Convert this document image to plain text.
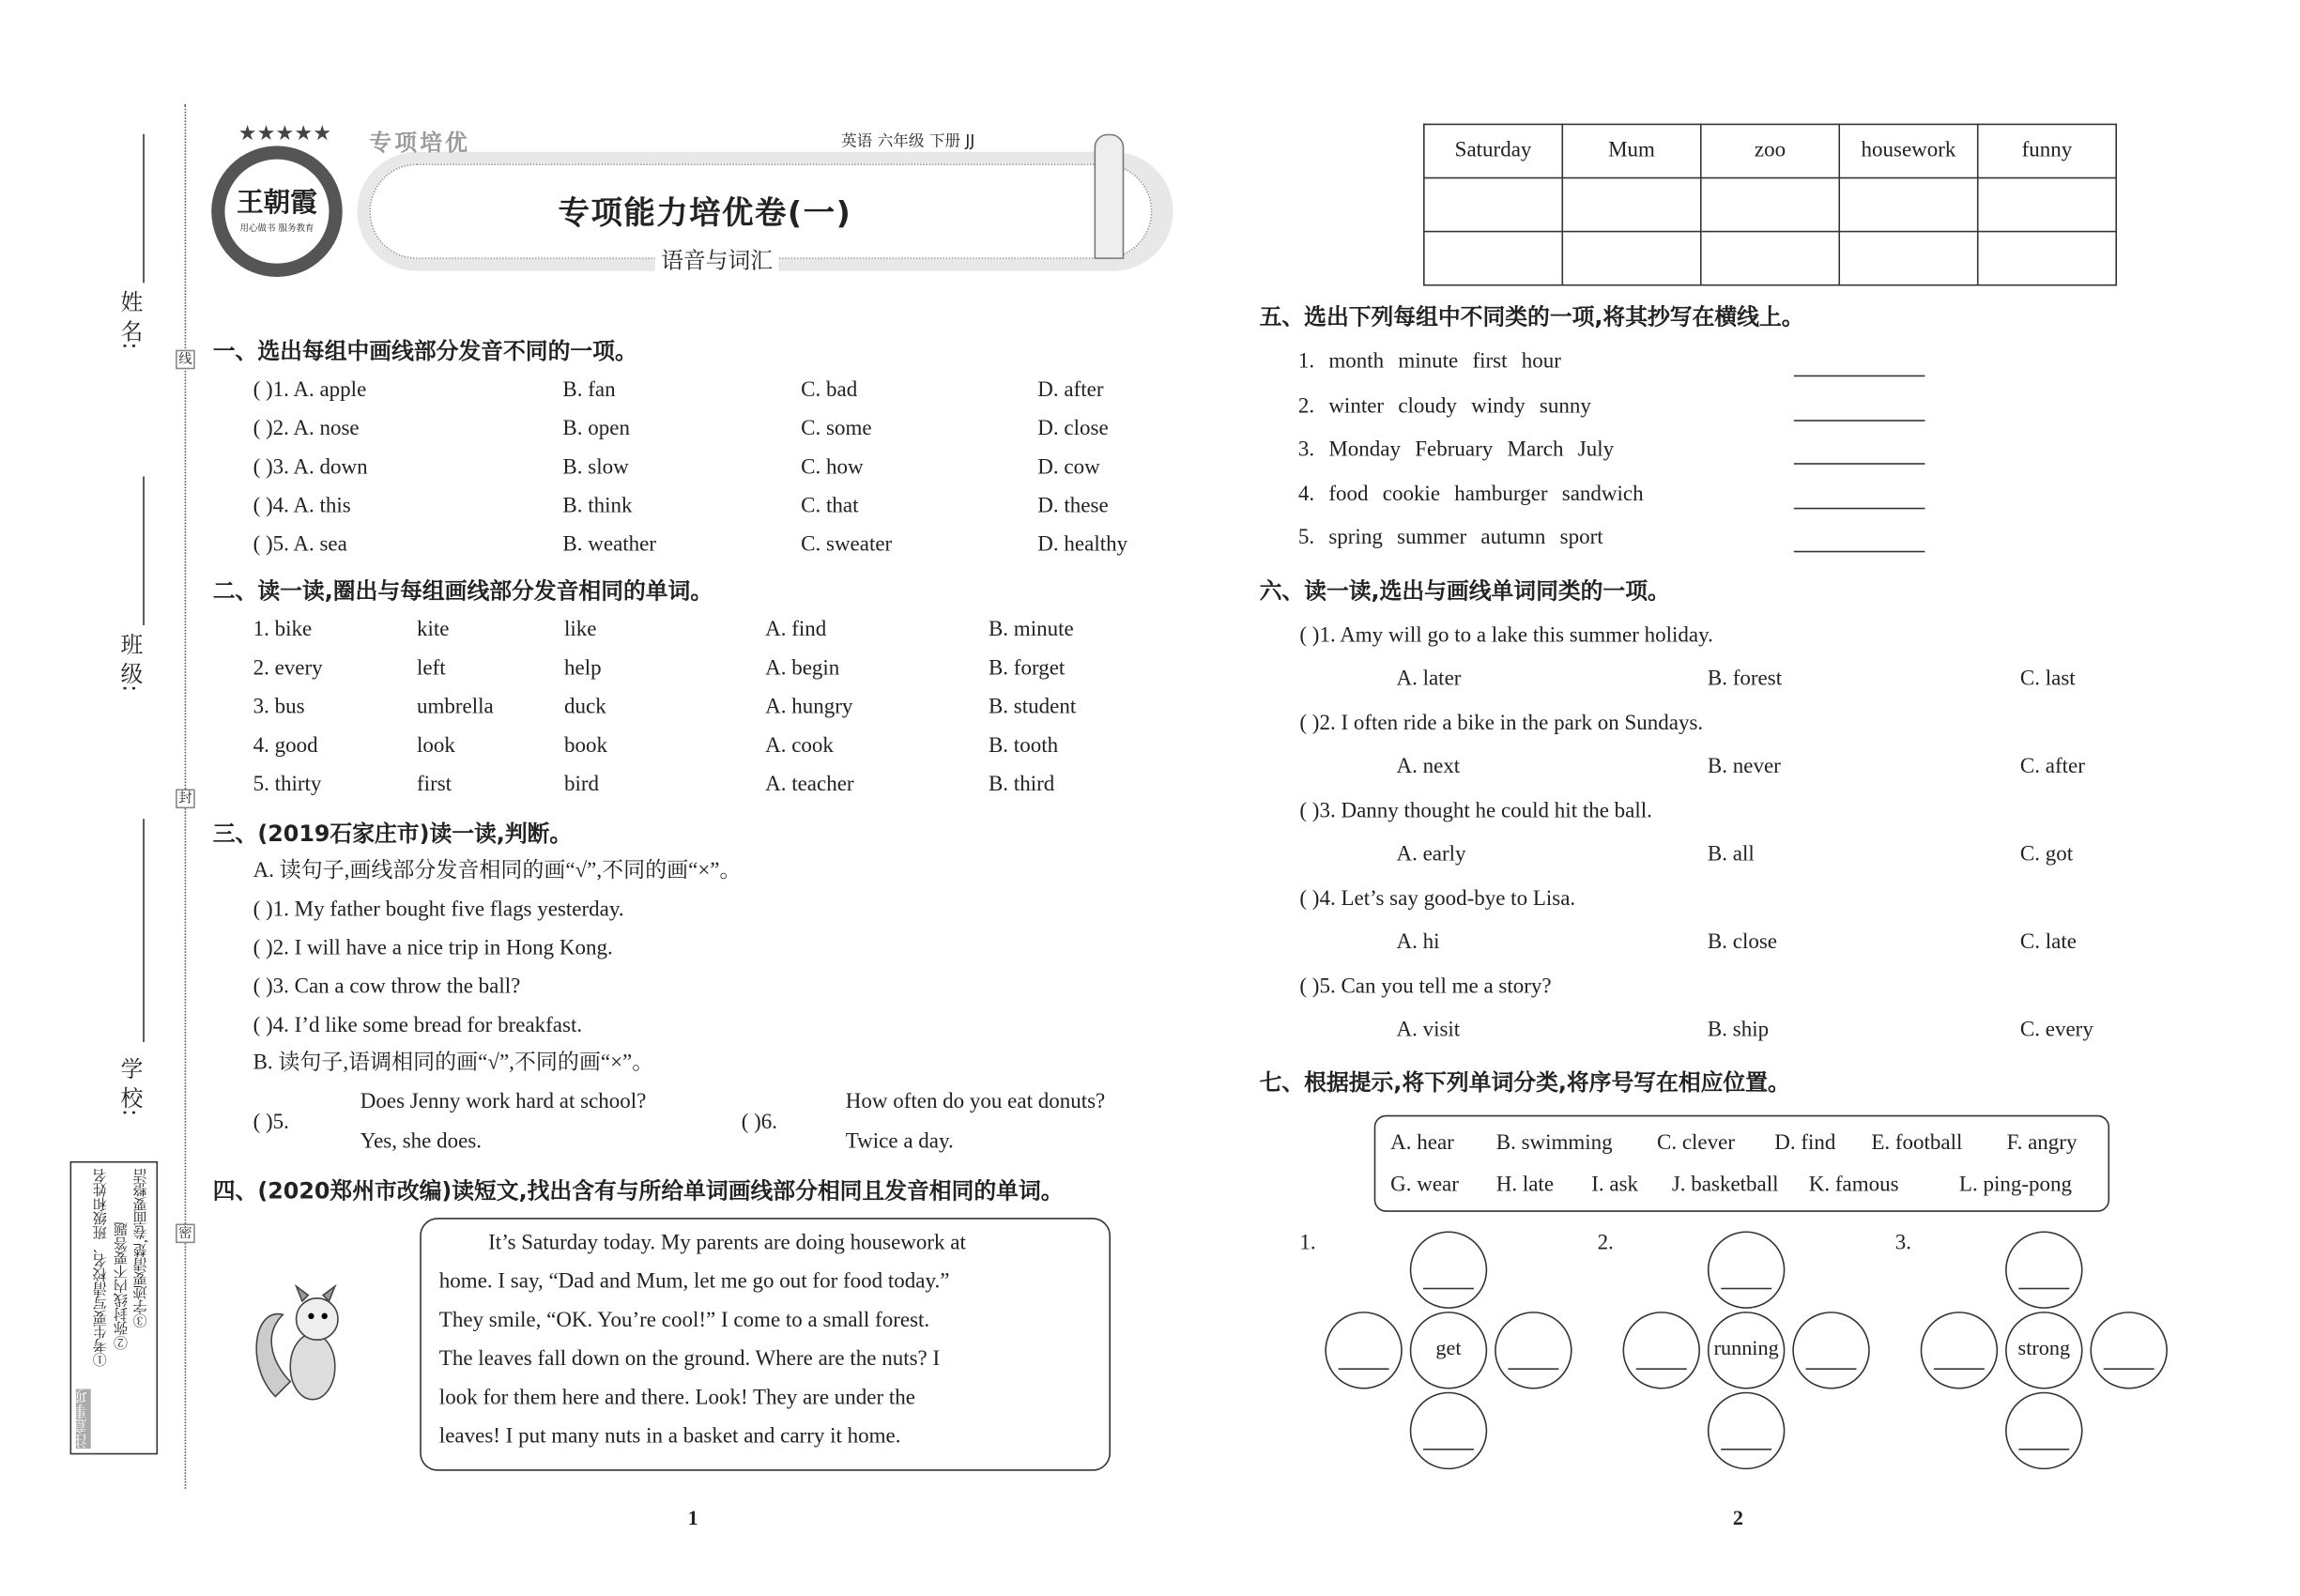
姓 名:
班 级:
学 校:
线
封
密
注意事项
①考生要写清校名、班级和姓名 ②弥封线内不要答题 ③字迹要清楚,卷面要整洁
王朝霞
用心做书 服务教育
★★★★★	专项培优	英语 六年级 下册 JJ
专项能力培优卷(一)
语音与词汇
一、选出每组中画线部分发音不同的一项。
( )1. A. apple	B. fan	C. bad	D. after
( )2. A. nose	B. open	C. some	D. close
( )3. A. down	B. slow	C. how	D. cow
( )4. A. this	B. think	C. that	D. these
( )5. A. sea	B. weather	C. sweater	D. healthy
二、读一读,圈出与每组画线部分发音相同的单词。
1. bike	kite	like	A. find	B. minute
2. every	left	help	A. begin	B. forget
3. bus	umbrella	duck	A. hungry	B. student
4. good	look	book	A. cook	B. tooth
5. thirty	first	bird	A. teacher	B. third
三、(2019石家庄市)读一读,判断。
A. 读句子,画线部分发音相同的画“√”,不同的画“×”。
( )1. My father bought five flags yesterday.
( )2. I will have a nice trip in Hong Kong.
( )3. Can a cow throw the ball?
( )4. I’d like some bread for breakfast.
B. 读句子,语调相同的画“√”,不同的画“×”。
( )5.
Does Jenny work hard at school?
Yes, she does.
( )6.
How often do you eat donuts?
Twice a day.
四、(2020郑州市改编)读短文,找出含有与所给单词画线部分相同且发音相同的单词。
It’s Saturday today. My parents are doing housework at
home. I say, “Dad and Mum, let me go out for food today.”
They smile, “OK. You’re cool!” I come to a small forest.
The leaves fall down on the ground. Where are the nuts? I
look for them here and there. Look! They are under the
leaves! I put many nuts in a basket and carry it home.
五、选出下列每组中不同类的一项,将其抄写在横线上。
1. month minute first hour
2. winter cloudy windy sunny
3. Monday February March July
4. food cookie hamburger sandwich
5. spring summer autumn sport
六、读一读,选出与画线单词同类的一项。
( )1. Amy will go to a lake this summer holiday.
A. later	B. forest	C. last
( )2. I often ride a bike in the park on Sundays.
A. next	B. never	C. after
( )3. Danny thought he could hit the ball.
A. early	B. all	C. got
( )4. Let’s say good-bye to Lisa.
A. hi	B. close	C. late
( )5. Can you tell me a story?
A. visit	B. ship	C. every
七、根据提示,将下列单词分类,将序号写在相应位置。
A. hear	B. swimming	C. clever	D. find	E. football	F. angry
G. wear	H. late	I. ask J. basketball K. famous	L. ping-pong
1.
get
2.
running
3.
strong
Saturday	Mum	zoo	housework	funny

1	2
